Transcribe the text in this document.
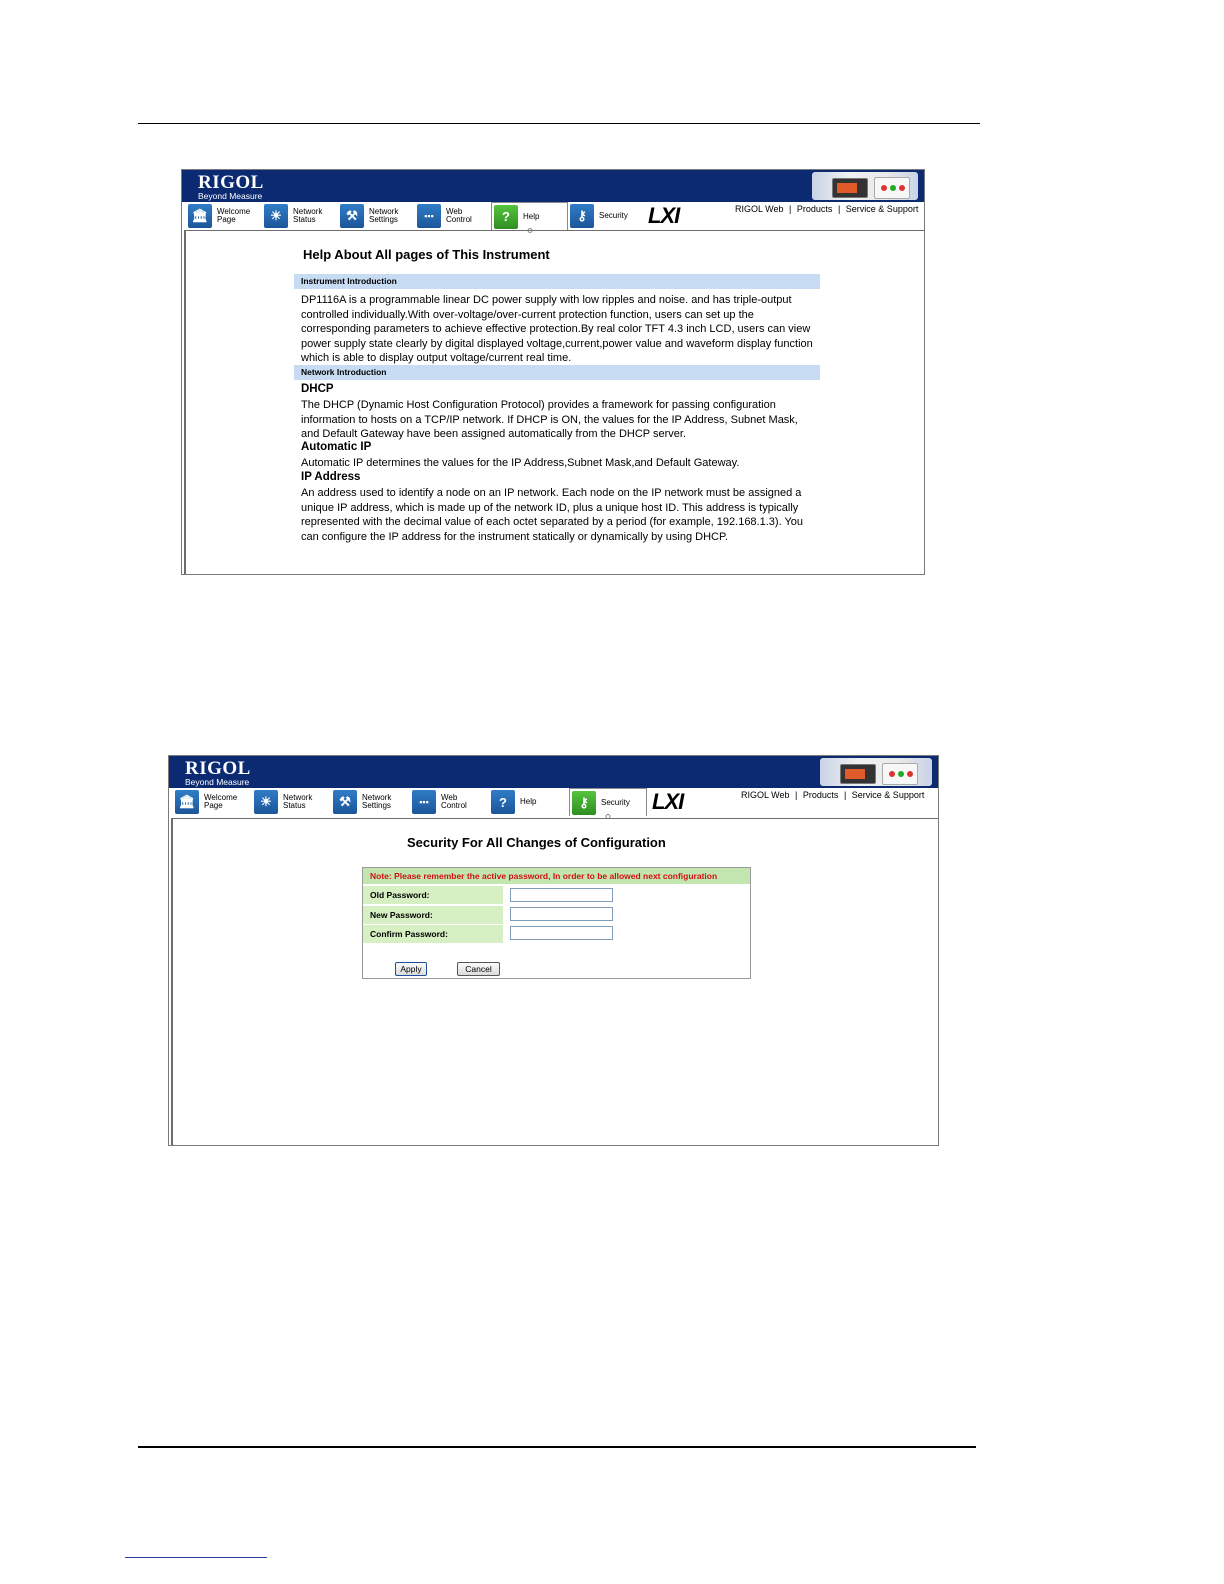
RIGOL
Beyond Measure
🏛︎	Welcome
Page	☀	Network
Status	⚒	Network
Settings	▪▪▪	Web
Control	?	Help	⚷	Security LXI	RIGOL Web | Products | Service & Support
Help About All pages of This Instrument
Instrument Introduction
DP1116A is a programmable linear DC power supply with low ripples and noise. and has triple-output controlled individually.With over-voltage/over-current protection function, users can set up the corresponding parameters to achieve effective protection.By real color TFT 4.3 inch LCD, users can view power supply state clearly by digital displayed voltage,current,power value and waveform display function which is able to display output voltage/current real time.
Network Introduction
DHCP
The DHCP (Dynamic Host Configuration Protocol) provides a framework for passing configuration information to hosts on a TCP/IP network. If DHCP is ON, the values for the IP Address, Subnet Mask, and Default Gateway have been assigned automatically from the DHCP server.
Automatic IP
Automatic IP determines the values for the IP Address,Subnet Mask,and Default Gateway.
IP Address
An address used to identify a node on an IP network. Each node on the IP network must be assigned a unique IP address, which is made up of the network ID, plus a unique host ID. This address is typically represented with the decimal value of each octet separated by a period (for example, 192.168.1.3). You can configure the IP address for the instrument statically or dynamically by using DHCP.
RIGOL
Beyond Measure
🏛︎	Welcome
Page	☀	Network
Status	⚒	Network
Settings	▪▪▪	Web
Control	?	Help	⚷	Security LXI	RIGOL Web | Products | Service & Support
Security For All Changes of Configuration
Note: Please remember the active password, In order to be allowed next configuration
Old Password:
New Password:
Confirm Password:
Apply	Cancel
